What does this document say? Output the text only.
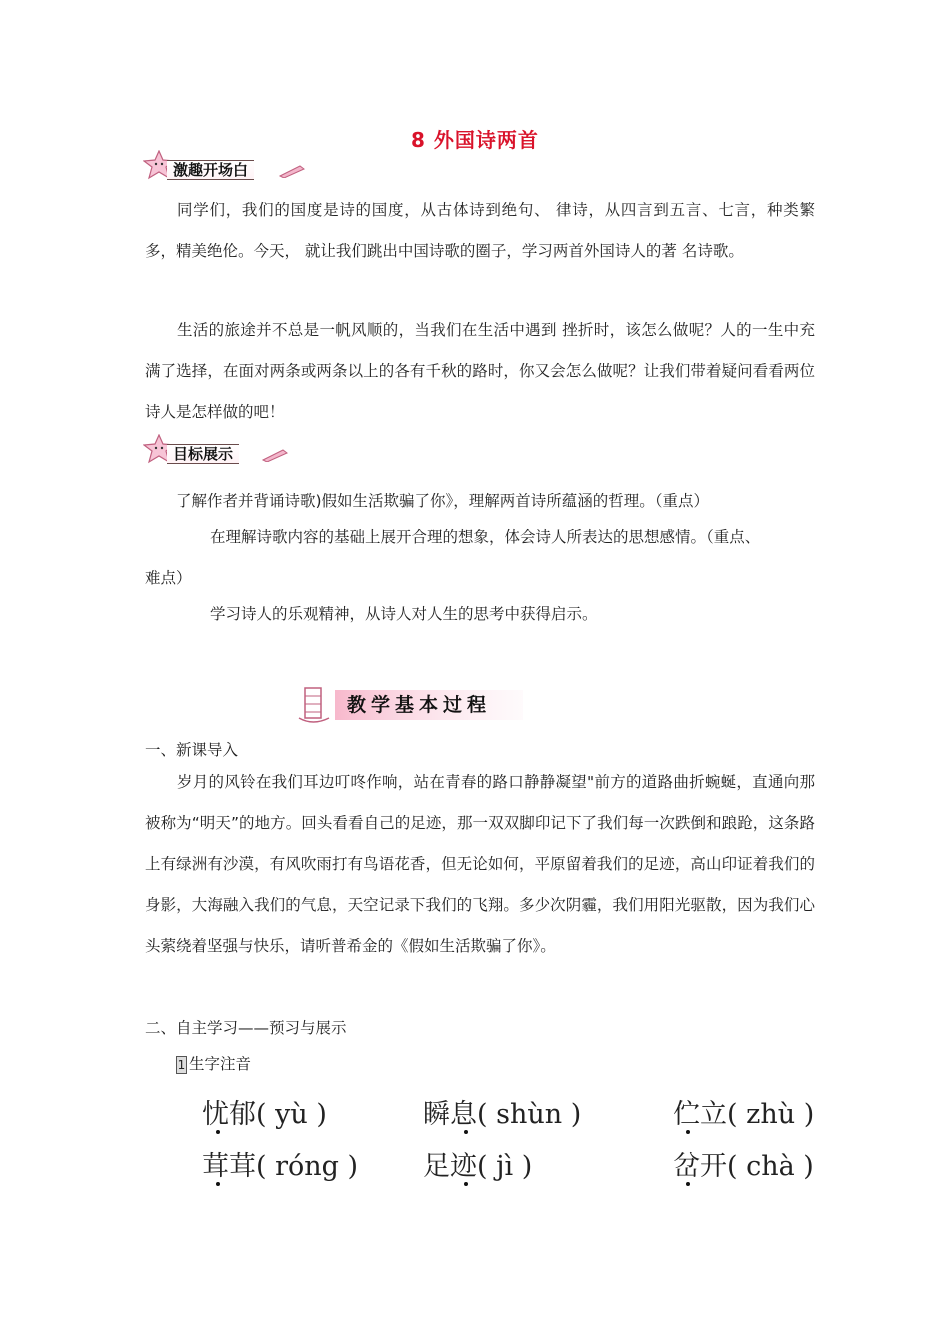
8 外国诗两首
激趣开场白

同学们，我们的国度是诗的国度，从古体诗到绝句、 律诗，从四言到五言、七言，种类繁多，精美绝伦。今天， 就让我们跳出中国诗歌的圈子，学习两首外国诗人的著 名诗歌。

生活的旅途并不总是一帆风顺的，当我们在生活中遇到 挫折时，该怎么做呢？人的一生中充满了选择，在面对两条或两条以上的各有千秋的路时，你又会怎么做呢？让我们带着疑问看看两位诗人是怎样做的吧！

目标展示
了解作者并背诵诗歌)假如生活欺骗了你》，理解两首诗所蕴涵的哲理。（重点）
在理解诗歌内容的基础上展开合理的想象，体会诗人所表达的思想感情。（重点、
难点）
学习诗人的乐观精神，从诗人对人生的思考中获得启示。
教学基本过程
一、新课导入

岁月的风铃在我们耳边叮咚作响，站在青春的路口静静凝望"前方的道路曲折蜿蜒，直通向那被称为“明天”的地方。回头看看自己的足迹，那一双双脚印记下了我们每一次跌倒和踉跄，这条路上有绿洲有沙漠，有风吹雨打有鸟语花香，但无论如何，平原留着我们的足迹，高山印证着我们的身影，大海融入我们的气息，天空记录下我们的飞翔。多少次阴霾，我们用阳光驱散，因为我们心头萦绕着坚强与快乐，请听普希金的《假如生活欺骗了你》。

二、自主学习——预习与展示
1 生字注音
忧郁( yù )	瞬息( shùn )	伫立( zhù )
茸茸( róng ) 足迹( jì )	岔开( chà )
